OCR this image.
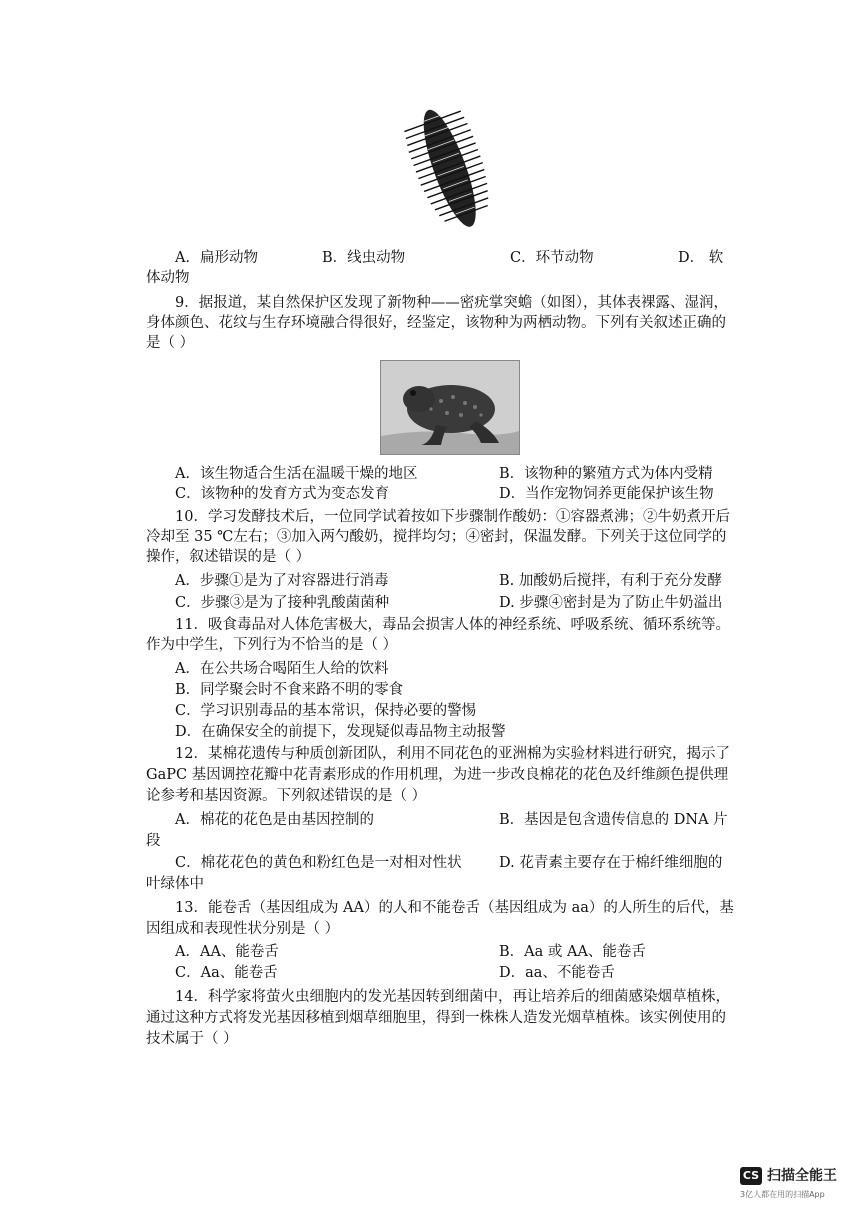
A．扁形动物	B．线虫动物	C．环节动物	D． 软
体动物
9．据报道，某自然保护区发现了新物种——密疣掌突蟾（如图），其体表裸露、湿润，
身体颜色、花纹与生存环境融合得很好，经鉴定，该物种为两栖动物。下列有关叙述正确的
是（ ）
A．该生物适合生活在温暖干燥的地区	B．该物种的繁殖方式为体内受精
C．该物种的发育方式为变态发育	D．当作宠物饲养更能保护该生物
10．学习发酵技术后，一位同学试着按如下步骤制作酸奶：①容器煮沸；②牛奶煮开后
冷却至 35 ℃左右；③加入两勺酸奶，搅拌均匀；④密封，保温发酵。下列关于这位同学的
操作，叙述错误的是（ ）
A．步骤①是为了对容器进行消毒	B. 加酸奶后搅拌，有利于充分发酵
C．步骤③是为了接种乳酸菌菌种	D. 步骤④密封是为了防止牛奶溢出
11．吸食毒品对人体危害极大，毒品会损害人体的神经系统、呼吸系统、循环系统等。
作为中学生，下列行为不恰当的是（ ）
A．在公共场合喝陌生人给的饮料
B．同学聚会时不食来路不明的零食
C．学习识别毒品的基本常识，保持必要的警惕
D．在确保安全的前提下，发现疑似毒品物主动报警
12．某棉花遗传与种质创新团队，利用不同花色的亚洲棉为实验材料进行研究，揭示了
GaPC 基因调控花瓣中花青素形成的作用机理，为进一步改良棉花的花色及纤维颜色提供理
论参考和基因资源。下列叙述错误的是（ ）
A．棉花的花色是由基因控制的	B．基因是包含遗传信息的 DNA 片
段
C．棉花花色的黄色和粉红色是一对相对性状	D. 花青素主要存在于棉纤维细胞的
叶绿体中
13．能卷舌（基因组成为 AA）的人和不能卷舌（基因组成为 aa）的人所生的后代，基
因组成和表现性状分别是（ ）
A．AA、能卷舌	B．Aa 或 AA、能卷舌
C．Aa、能卷舌	D．aa、不能卷舌
14．科学家将萤火虫细胞内的发光基因转到细菌中，再让培养后的细菌感染烟草植株，
通过这种方式将发光基因移植到烟草细胞里，得到一株株人造发光烟草植株。该实例使用的
技术属于（ ）
CS 扫描全能王
3亿人都在用的扫描App
